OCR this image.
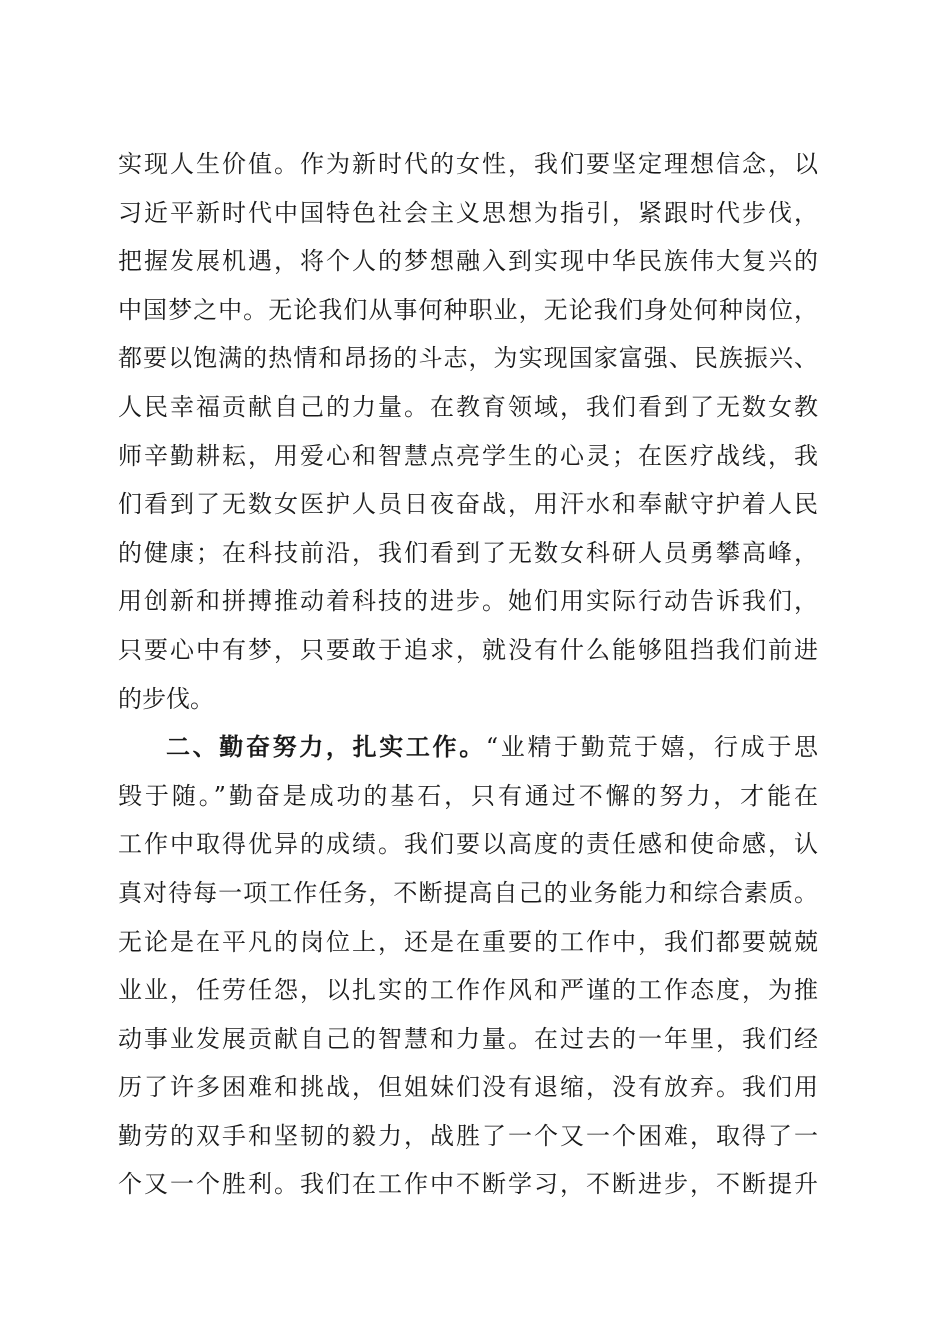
实现人生价值。作为新时代的女性，我们要坚定理想信念，以
习近平新时代中国特色社会主义思想为指引，紧跟时代步伐，
把握发展机遇，将个人的梦想融入到实现中华民族伟大复兴的
中国梦之中。无论我们从事何种职业，无论我们身处何种岗位，
都要以饱满的热情和昂扬的斗志，为实现国家富强、民族振兴、
人民幸福贡献自己的力量。在教育领域，我们看到了无数女教
师辛勤耕耘，用爱心和智慧点亮学生的心灵；在医疗战线，我
们看到了无数女医护人员日夜奋战，用汗水和奉献守护着人民
的健康；在科技前沿，我们看到了无数女科研人员勇攀高峰，
用创新和拼搏推动着科技的进步。她们用实际行动告诉我们，
只要心中有梦，只要敢于追求，就没有什么能够阻挡我们前进
的步伐。
二、勤奋努力，扎实工作。“业精于勤荒于嬉，行成于思
毁于随。”勤奋是成功的基石，只有通过不懈的努力，才能在
工作中取得优异的成绩。我们要以高度的责任感和使命感，认
真对待每一项工作任务，不断提高自己的业务能力和综合素质。
无论是在平凡的岗位上，还是在重要的工作中，我们都要兢兢
业业，任劳任怨，以扎实的工作作风和严谨的工作态度，为推
动事业发展贡献自己的智慧和力量。在过去的一年里，我们经
历了许多困难和挑战，但姐妹们没有退缩，没有放弃。我们用
勤劳的双手和坚韧的毅力，战胜了一个又一个困难，取得了一
个又一个胜利。我们在工作中不断学习，不断进步，不断提升
